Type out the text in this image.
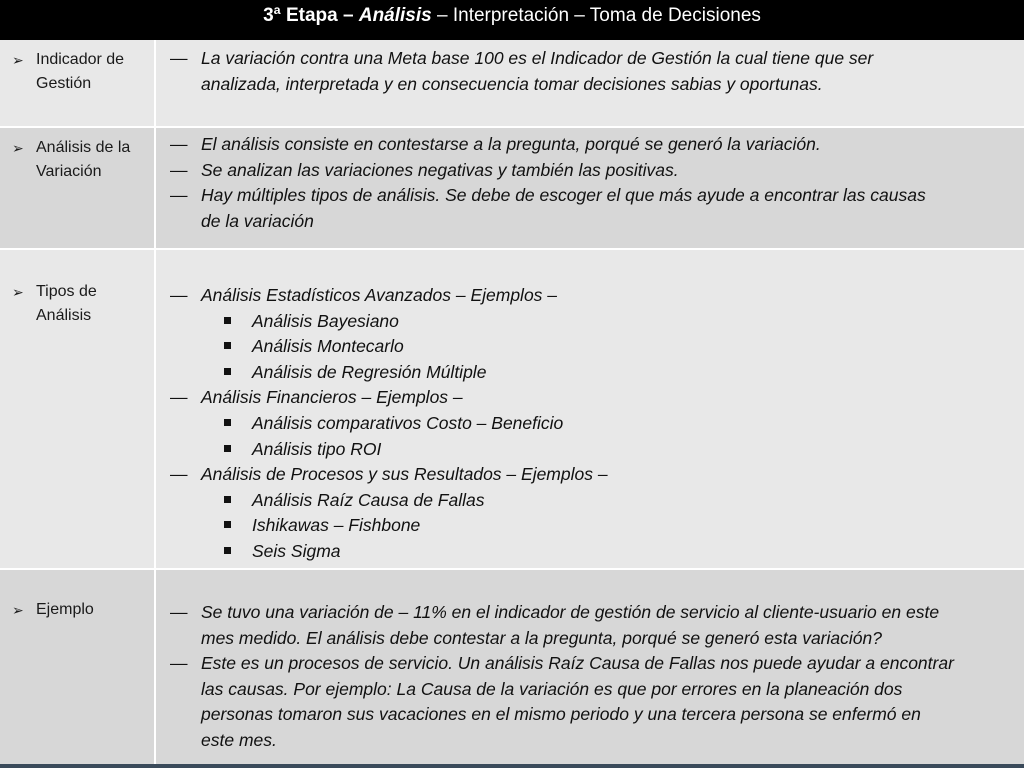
3ª Etapa – Análisis – Interpretación – Toma de Decisiones
➢ Indicador de
Gestión
— La variación contra una Meta base 100 es el Indicador de Gestión la cual tiene que ser
analizada, interpretada y en consecuencia tomar decisiones sabias y oportunas.
➢ Análisis de la
Variación
— El análisis consiste en contestarse a la pregunta, porqué se generó la variación.
— Se analizan las variaciones negativas y también las positivas.
— Hay múltiples tipos de análisis. Se debe de escoger el que más ayude a encontrar las causas
de la variación
➢ Tipos de
Análisis
— Análisis Estadísticos Avanzados – Ejemplos –
Análisis Bayesiano
Análisis Montecarlo
Análisis de Regresión Múltiple
— Análisis Financieros – Ejemplos –
Análisis comparativos Costo – Beneficio
Análisis tipo ROI
— Análisis de Procesos y sus Resultados – Ejemplos –
Análisis Raíz Causa de Fallas
Ishikawas – Fishbone
Seis Sigma
➢ Ejemplo	— Se tuvo una variación de – 11% en el indicador de gestión de servicio al cliente-usuario en este
mes medido. El análisis debe contestar a la pregunta, porqué se generó esta variación?
— Este es un procesos de servicio. Un análisis Raíz Causa de Fallas nos puede ayudar a encontrar
las causas. Por ejemplo: La Causa de la variación es que por errores en la planeación dos
personas tomaron sus vacaciones en el mismo periodo y una tercera persona se enfermó en
este mes.
